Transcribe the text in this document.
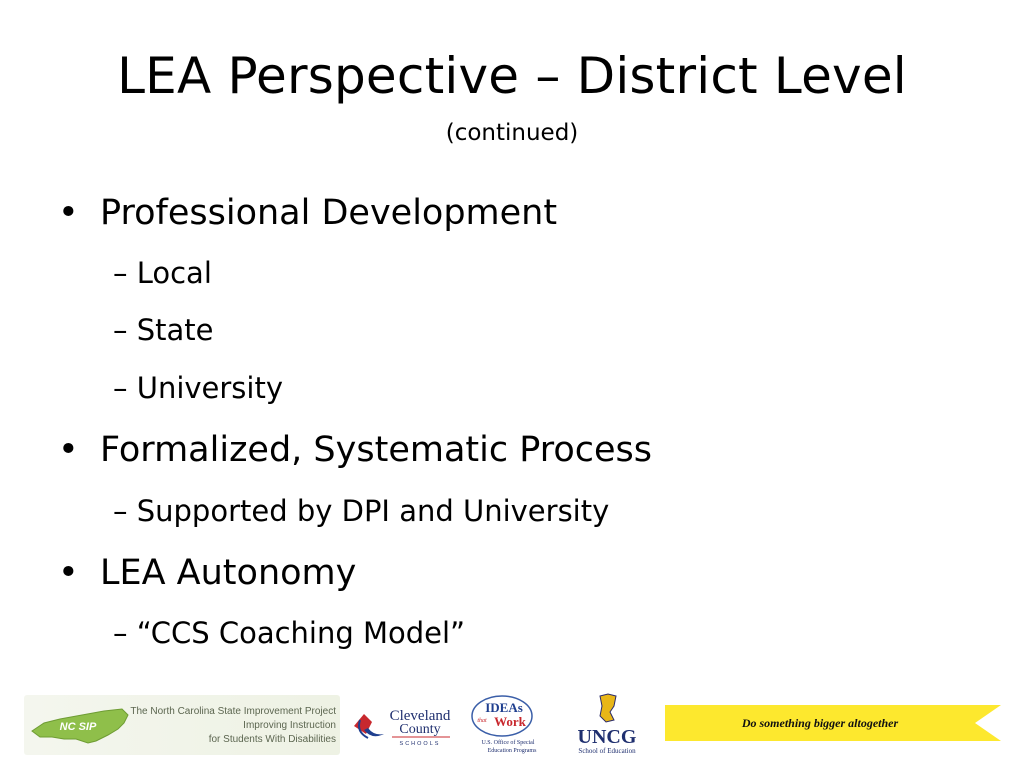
LEA Perspective – District Level
(continued)
• Professional Development
– Local
– State
– University
• Formalized, Systematic Process
– Supported by DPI and University
• LEA Autonomy
– “CCS Coaching Model”
NC SIP
The North Carolina State Improvement Project
Improving Instruction
for Students With Disabilities
Cleveland
County
SCHOOLS
IDEAs
that Work
U.S. Office of Special
Education Programs
UNCG
School of Education
Do something bigger altogether
